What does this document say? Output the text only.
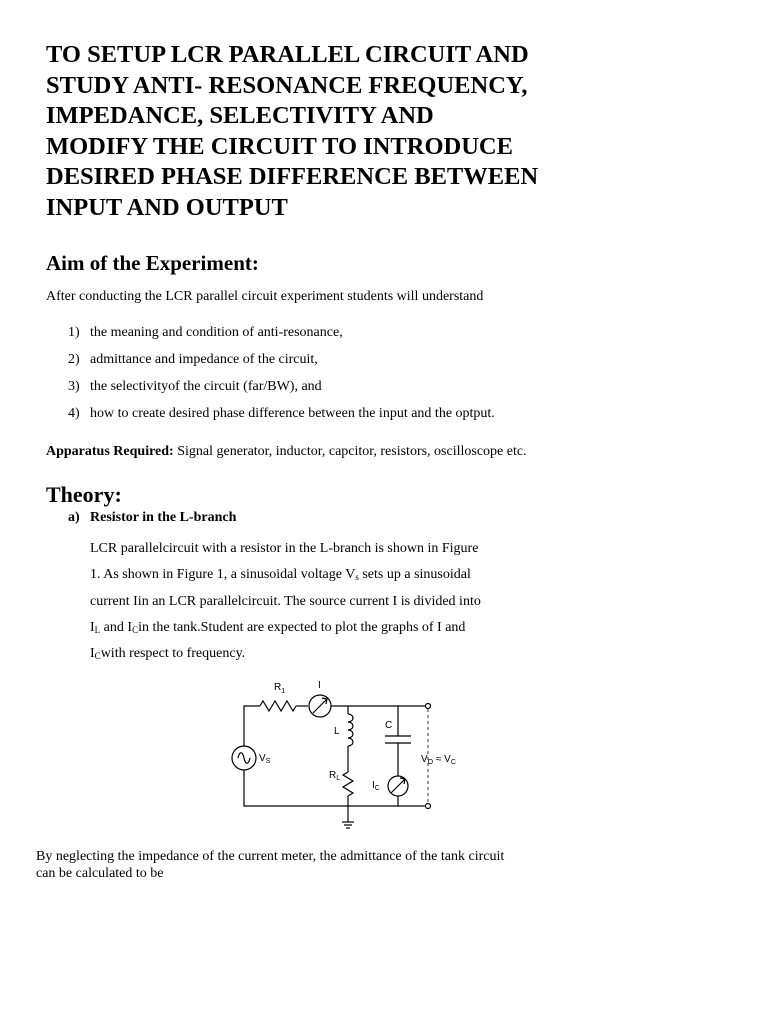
TO SETUP LCR PARALLEL CIRCUIT AND
STUDY ANTI- RESONANCE FREQUENCY,
IMPEDANCE, SELECTIVITY AND
MODIFY THE CIRCUIT TO INTRODUCE
DESIRED PHASE DIFFERENCE BETWEEN
INPUT AND OUTPUT
Aim of the Experiment:

After conducting the LCR parallel circuit experiment students will understand

1) the meaning and condition of anti-resonance,
2) admittance and impedance of the circuit,
3) the selectivityof the circuit (far/BW), and
4) how to create desired phase difference between the input and the optput.

Apparatus Required: Signal generator, inductor, capcitor, resistors, oscilloscope etc.

Theory:

a) Resistor in the L-branch

LCR parallelcircuit with a resistor in the L-branch is shown in Figure
1. As shown in Figure 1, a sinusoidal voltage $V_s$ sets up a sinusoidal
current Iin an LCR parallelcircuit. The source current I is divided into
$I_L$ and $I_Cin$ the tank.Student are expected to plot the graphs of I and
$I_Cwith$ respect to frequency.

$R_1$
I
L
C
$V_S$
$R_L$
$I_C$
$V_O \approx V_C$

By neglecting the impedance of the current meter, the admittance of the tank circuit
can be calculated to be
